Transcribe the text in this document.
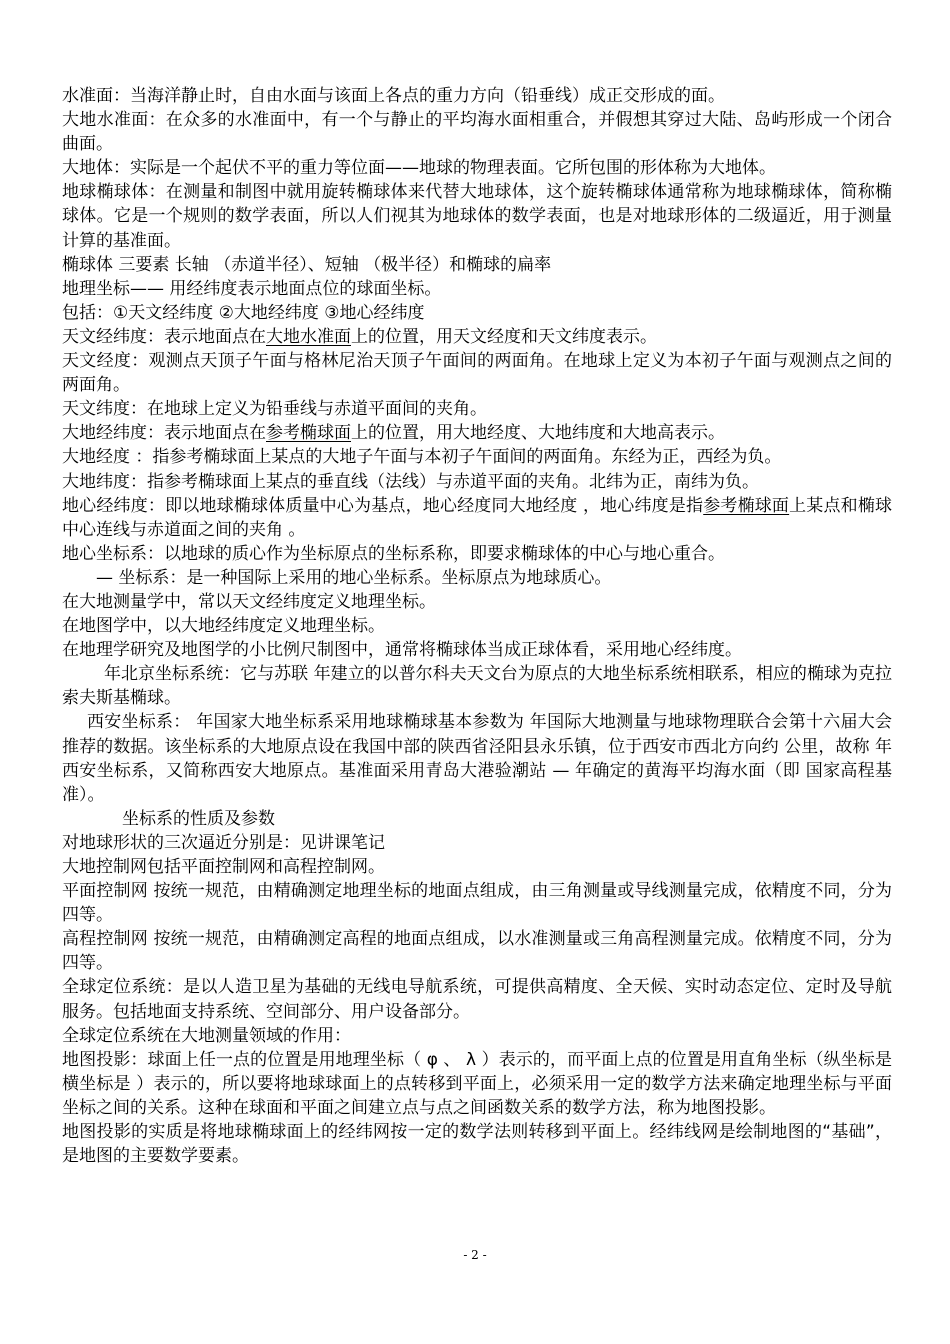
水准面：当海洋静止时，自由水面与该面上各点的重力方向（铅垂线）成正交形成的面。

大地水准面：在众多的水准面中，有一个与静止的平均海水面相重合，并假想其穿过大陆、岛屿形成一个闭合曲面。

大地体：实际是一个起伏不平的重力等位面——地球的物理表面。它所包围的形体称为大地体。

地球椭球体：在测量和制图中就用旋转椭球体来代替大地球体，这个旋转椭球体通常称为地球椭球体，简称椭球体。它是一个规则的数学表面，所以人们视其为地球体的数学表面，也是对地球形体的二级逼近，用于测量计算的基准面。

椭球体 三要素 长轴 （赤道半径）、短轴 （极半径）和椭球的扁率

地理坐标—— 用经纬度表示地面点位的球面坐标。

包括：①天文经纬度 ②大地经纬度 ③地心经纬度

天文经纬度：表示地面点在大地水准面上的位置，用天文经度和天文纬度表示。

天文经度：观测点天顶子午面与格林尼治天顶子午面间的两面角。在地球上定义为本初子午面与观测点之间的两面角。

天文纬度：在地球上定义为铅垂线与赤道平面间的夹角。

大地经纬度：表示地面点在参考椭球面上的位置，用大地经度、大地纬度和大地高表示。

大地经度 ：指参考椭球面上某点的大地子午面与本初子午面间的两面角。东经为正，西经为负。

大地纬度：指参考椭球面上某点的垂直线（法线）与赤道平面的夹角。北纬为正，南纬为负。

地心经纬度：即以地球椭球体质量中心为基点，地心经度同大地经度 ，地心纬度是指参考椭球面上某点和椭球中心连线与赤道面之间的夹角 。

地心坐标系：以地球的质心作为坐标原点的坐标系称，即要求椭球体的中心与地心重合。

— 坐标系：是一种国际上采用的地心坐标系。坐标原点为地球质心。

在大地测量学中，常以天文经纬度定义地理坐标。

在地图学中，以大地经纬度定义地理坐标。

在地理学研究及地图学的小比例尺制图中，通常将椭球体当成正球体看，采用地心经纬度。

年北京坐标系统：它与苏联 年建立的以普尔科夫天文台为原点的大地坐标系统相联系，相应的椭球为克拉索夫斯基椭球。

西安坐标系： 年国家大地坐标系采用地球椭球基本参数为 年国际大地测量与地球物理联合会第十六届大会推荐的数据。该坐标系的大地原点设在我国中部的陕西省泾阳县永乐镇，位于西安市西北方向约 公里，故称 年西安坐标系，又简称西安大地原点。基准面采用青岛大港验潮站 — 年确定的黄海平均海水面（即 国家高程基准）。

坐标系的性质及参数

对地球形状的三次逼近分别是：见讲课笔记

大地控制网包括平面控制网和高程控制网。

平面控制网 按统一规范，由精确测定地理坐标的地面点组成，由三角测量或导线测量完成，依精度不同，分为四等。

高程控制网 按统一规范，由精确测定高程的地面点组成，以水准测量或三角高程测量完成。依精度不同，分为四等。

全球定位系统：是以人造卫星为基础的无线电导航系统，可提供高精度、全天候、实时动态定位、定时及导航服务。包括地面支持系统、空间部分、用户设备部分。

全球定位系统在大地测量领域的作用：

地图投影：球面上任一点的位置是用地理坐标（ φ 、 λ ）表示的，而平面上点的位置是用直角坐标（纵坐标是 横坐标是 ）表示的，所以要将地球球面上的点转移到平面上，必须采用一定的数学方法来确定地理坐标与平面坐标之间的关系。这种在球面和平面之间建立点与点之间函数关系的数学方法，称为地图投影。

地图投影的实质是将地球椭球面上的经纬网按一定的数学法则转移到平面上。经纬线网是绘制地图的“基础”，是地图的主要数学要素。

- 2 -
